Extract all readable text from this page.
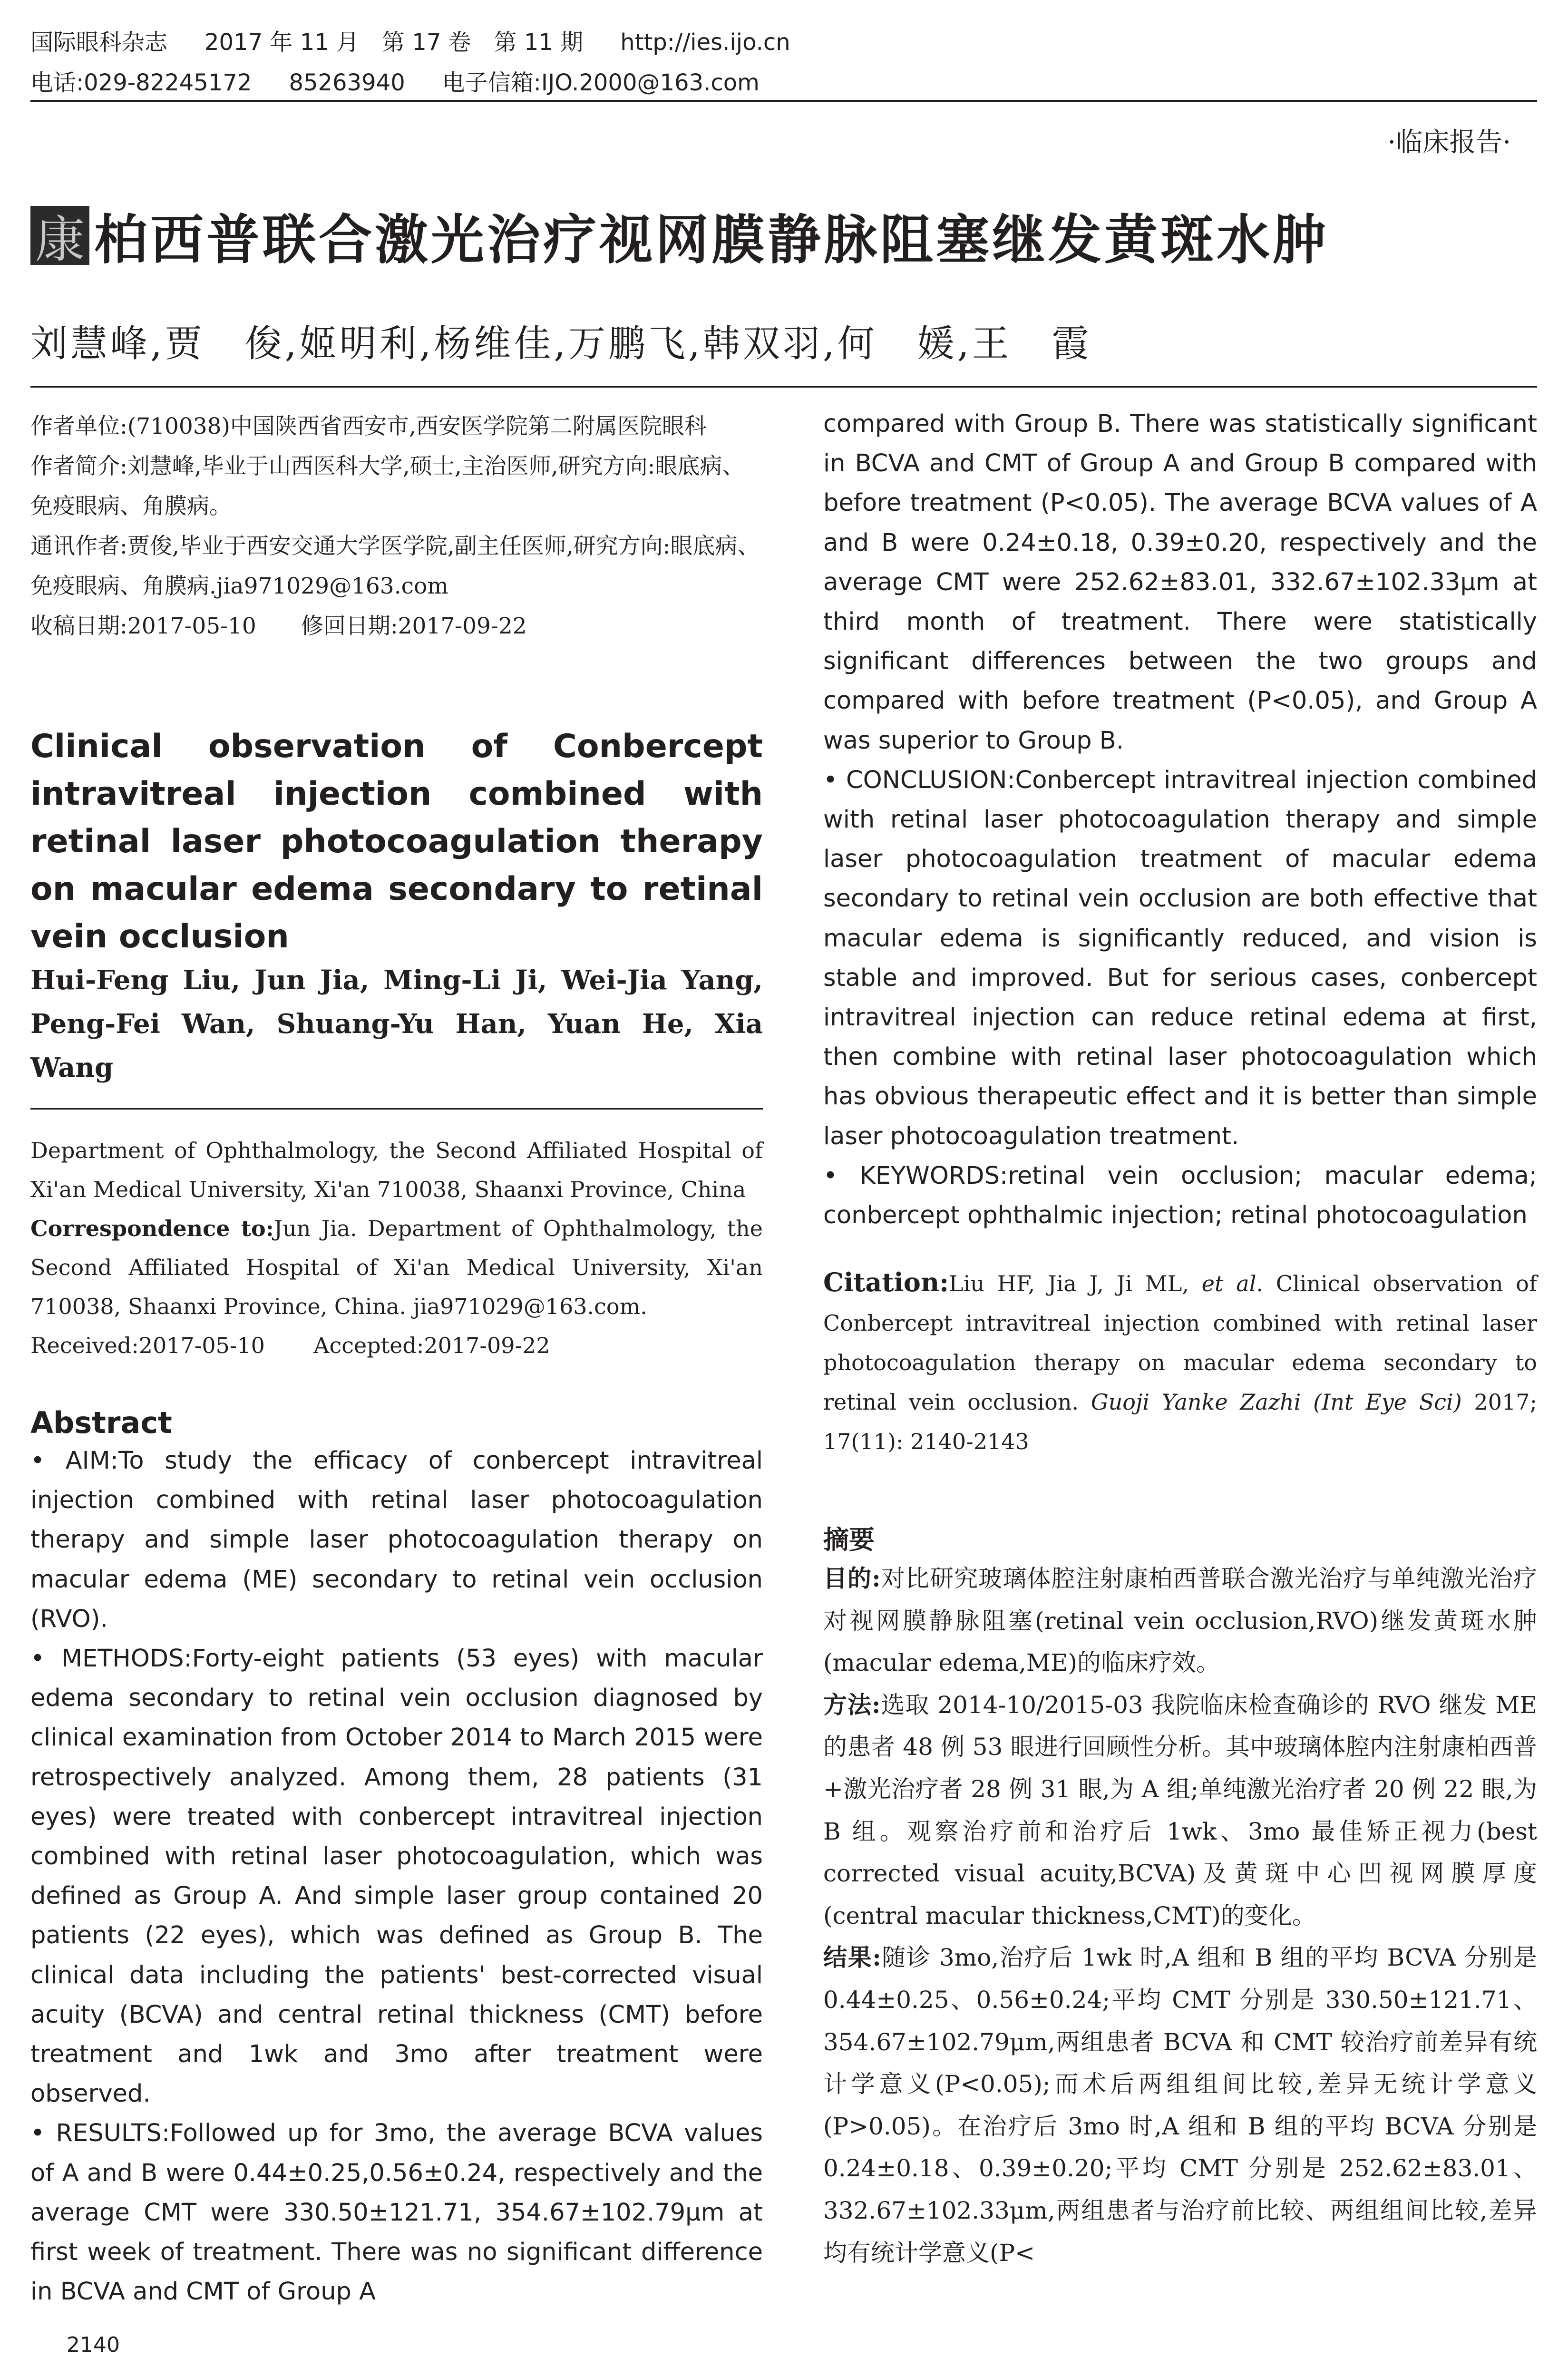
国际眼科杂志 2017 年 11 月　第 17 卷　第 11 期 http://ies.ijo.cn
电话:029-82245172 85263940 电子信箱:IJO.2000@163.com
·临床报告·
康 柏西普联合激光治疗视网膜静脉阻塞继发黄斑水肿
刘慧峰,贾　俊,姬明利,杨维佳,万鹏飞,韩双羽,何　媛,王　霞

作者单位:(710038)中国陕西省西安市,西安医学院第二附属医院眼科

作者简介:刘慧峰,毕业于山西医科大学,硕士,主治医师,研究方向:眼底病、免疫眼病、角膜病。

通讯作者:贾俊,毕业于西安交通大学医学院,副主任医师,研究方向:眼底病、免疫眼病、角膜病.jia971029@163.com

收稿日期:2017-05-10　　修回日期:2017-09-22

Clinical observation of Conbercept intravitreal injection combined with retinal laser photocoagulation therapy on macular edema secondary to retinal vein occlusion
Hui-Feng Liu, Jun Jia, Ming-Li Ji, Wei-Jia Yang, Peng-Fei Wan, Shuang-Yu Han, Yuan He, Xia Wang

Department of Ophthalmology, the Second Affiliated Hospital of Xi'an Medical University, Xi'an 710038, Shaanxi Province, China

Correspondence to:Jun Jia. Department of Ophthalmology, the Second Affiliated Hospital of Xi'an Medical University, Xi'an 710038, Shaanxi Province, China. jia971029@163.com.

Received:2017-05-10 Accepted:2017-09-22

Abstract

• AIM:To study the efficacy of conbercept intravitreal injection combined with retinal laser photocoagulation therapy and simple laser photocoagulation therapy on macular edema (ME) secondary to retinal vein occlusion (RVO).

• METHODS:Forty-eight patients (53 eyes) with macular edema secondary to retinal vein occlusion diagnosed by clinical examination from October 2014 to March 2015 were retrospectively analyzed. Among them, 28 patients (31 eyes) were treated with conbercept intravitreal injection combined with retinal laser photocoagulation, which was defined as Group A. And simple laser group contained 20 patients (22 eyes), which was defined as Group B. The clinical data including the patients' best-corrected visual acuity (BCVA) and central retinal thickness (CMT) before treatment and 1wk and 3mo after treatment were observed.

• RESULTS:Followed up for 3mo, the average BCVA values of A and B were 0.44±0.25,0.56±0.24, respectively and the average CMT were 330.50±121.71, 354.67±102.79μm at first week of treatment. There was no significant difference in BCVA and CMT of Group A

compared with Group B. There was statistically significant in BCVA and CMT of Group A and Group B compared with before treatment (P<0.05). The average BCVA values of A and B were 0.24±0.18, 0.39±0.20, respectively and the average CMT were 252.62±83.01, 332.67±102.33μm at third month of treatment. There were statistically significant differences between the two groups and compared with before treatment (P<0.05), and Group A was superior to Group B.

• CONCLUSION:Conbercept intravitreal injection combined with retinal laser photocoagulation therapy and simple laser photocoagulation treatment of macular edema secondary to retinal vein occlusion are both effective that macular edema is significantly reduced, and vision is stable and improved. But for serious cases, conbercept intravitreal injection can reduce retinal edema at first, then combine with retinal laser photocoagulation which has obvious therapeutic effect and it is better than simple laser photocoagulation treatment.

• KEYWORDS:retinal vein occlusion; macular edema; conbercept ophthalmic injection; retinal photocoagulation

Citation:Liu HF, Jia J, Ji ML, et al. Clinical observation of Conbercept intravitreal injection combined with retinal laser photocoagulation therapy on macular edema secondary to retinal vein occlusion. Guoji Yanke Zazhi (Int Eye Sci) 2017; 17(11): 2140-2143
摘要

目的:对比研究玻璃体腔注射康柏西普联合激光治疗与单纯激光治疗对视网膜静脉阻塞(retinal vein occlusion,RVO)继发黄斑水肿(macular edema,ME)的临床疗效。

方法:选取 2014-10/2015-03 我院临床检查确诊的 RVO 继发 ME 的患者 48 例 53 眼进行回顾性分析。其中玻璃体腔内注射康柏西普+激光治疗者 28 例 31 眼,为 A 组;单纯激光治疗者 20 例 22 眼,为 B 组。观察治疗前和治疗后 1wk、3mo 最佳矫正视力(best corrected visual acuity,BCVA)及黄斑中心凹视网膜厚度(central macular thickness,CMT)的变化。

结果:随诊 3mo,治疗后 1wk 时,A 组和 B 组的平均 BCVA 分别是 0.44±0.25、0.56±0.24;平均 CMT 分别是 330.50±121.71、354.67±102.79μm,两组患者 BCVA 和 CMT 较治疗前差异有统计学意义(P<0.05);而术后两组组间比较,差异无统计学意义(P>0.05)。在治疗后 3mo 时,A 组和 B 组的平均 BCVA 分别是 0.24±0.18、0.39±0.20;平均 CMT 分别是 252.62±83.01、332.67±102.33μm,两组患者与治疗前比较、两组组间比较,差异均有统计学意义(P<

2140
